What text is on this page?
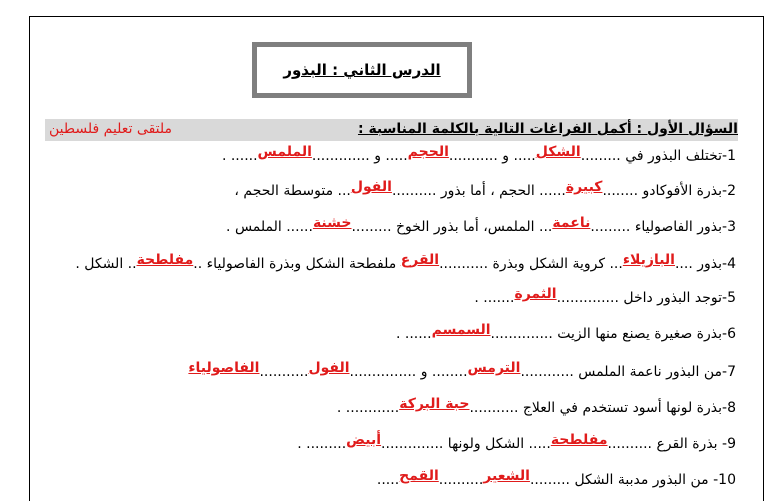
الدرس الثاني : البذور
السؤال الأول : أكمل الفراغات التالية بالكلمة المناسبة :
ملتقى تعليم فلسطين
1-تختلف البذور في .........الشكل..... و ...........الحجم..... و .............الملمس...... .
2-بذرة الأفوكادو ........كبيرة...... الحجم ، أما بذور ..........الفول... متوسطة الحجم ،
3-بذور الفاصولياء .........ناعمة... الملمس، أما بذور الخوخ .........خشنة...... الملمس .
4-بذور ....البازيلاء... كروية الشكل وبذرة ...........القرع ملفطحة الشكل وبذرة الفاصولياء ..مفلطحة.. الشكل .
5-توجد البذور داخل ..............الثمرة....... .
6-بذرة صغيرة يصنع منها الزيت ..............السمسم...... .
7-من البذور ناعمة الملمس ............الترمس........ و ...............الفول...........الفاصولياء
8-بذرة لونها أسود تستخدم في العلاج ...........حبة البركة............ .
9- بذرة القرع ..........مفلطحة..... الشكل ولونها ..............أبيض......... .
10- من البذور مدببة الشكل .........الشعير..........القمح.....
